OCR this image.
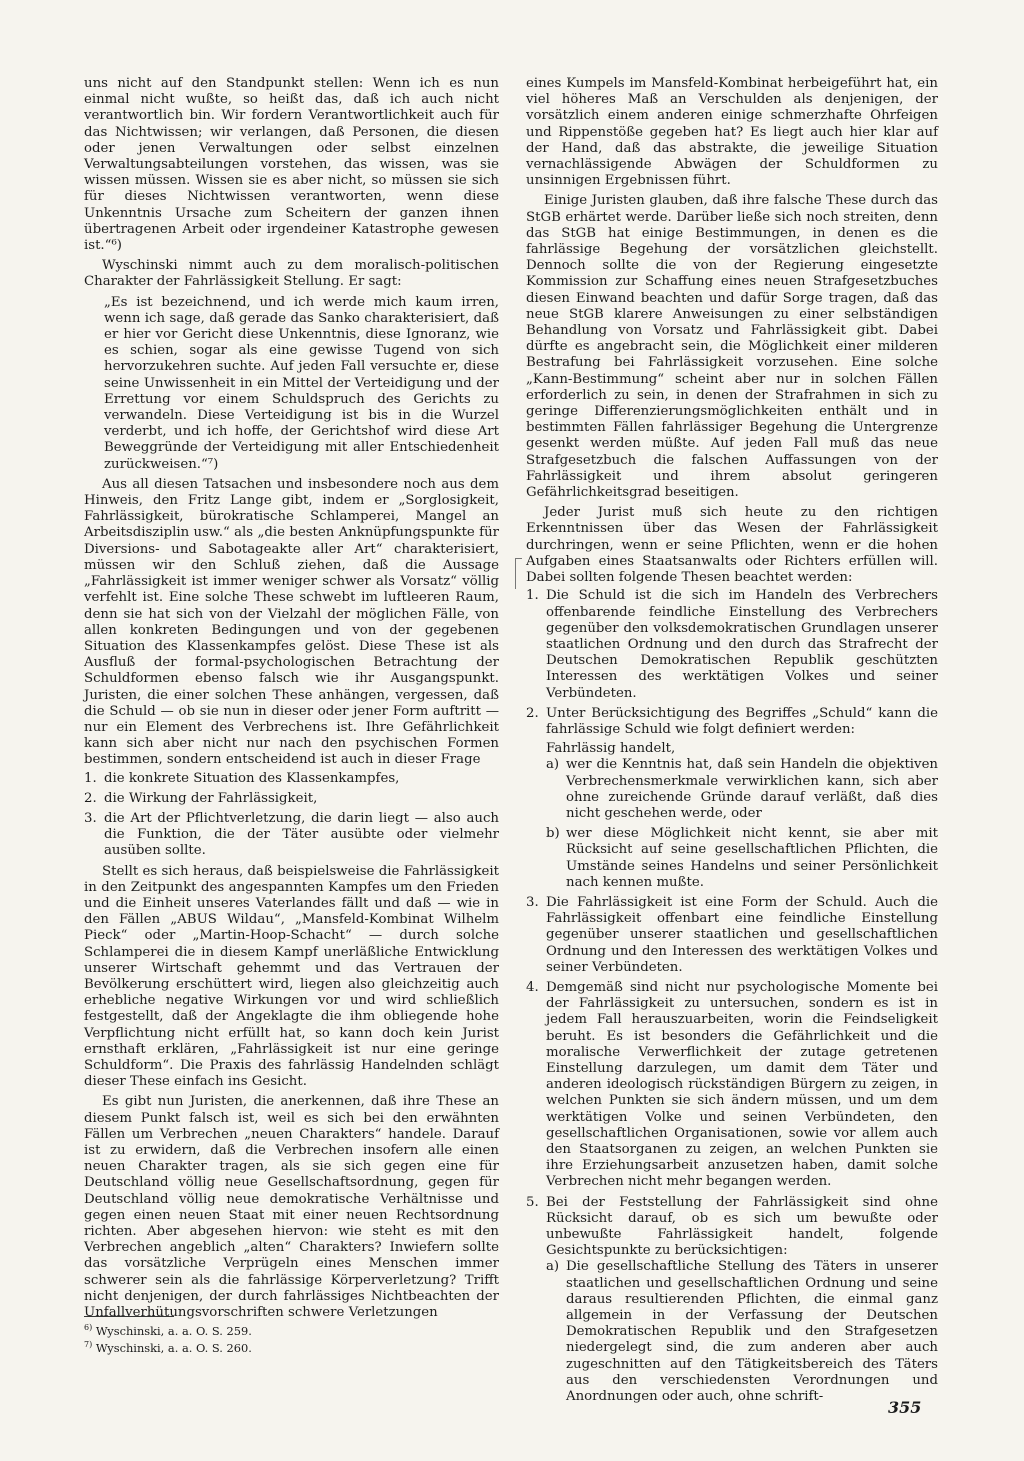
uns nicht auf den Standpunkt stellen: Wenn ich es nun einmal nicht wußte, so heißt das, daß ich auch nicht verantwortlich bin. Wir fordern Verantwortlichkeit auch für das Nichtwissen; wir verlangen, daß Personen, die diesen oder jenen Verwaltungen oder selbst einzelnen Verwaltungsabteilungen vorstehen, das wissen, was sie wissen müssen. Wissen sie es aber nicht, so müssen sie sich für dieses Nichtwissen verantworten, wenn diese Unkenntnis Ursache zum Scheitern der ganzen ihnen übertragenen Arbeit oder irgendeiner Katastrophe gewesen ist.“⁶)

Wyschinski nimmt auch zu dem moralisch-politischen Charakter der Fahrlässigkeit Stellung. Er sagt:

„Es ist bezeichnend, und ich werde mich kaum irren, wenn ich sage, daß gerade das Sanko charakterisiert, daß er hier vor Gericht diese Unkenntnis, diese Ignoranz, wie es schien, sogar als eine gewisse Tugend von sich hervorzukehren suchte. Auf jeden Fall versuchte er, diese seine Unwissenheit in ein Mittel der Verteidigung und der Errettung vor einem Schuldspruch des Gerichts zu verwandeln. Diese Verteidigung ist bis in die Wurzel verderbt, und ich hoffe, der Gerichtshof wird diese Art Beweggründe der Verteidigung mit aller Entschiedenheit zurückweisen.“⁷)

Aus all diesen Tatsachen und insbesondere noch aus dem Hinweis, den Fritz Lange gibt, indem er „Sorglosigkeit, Fahrlässigkeit, bürokratische Schlamperei, Mangel an Arbeitsdisziplin usw.“ als „die besten Anknüpfungspunkte für Diversions- und Sabotageakte aller Art“ charakterisiert, müssen wir den Schluß ziehen, daß die Aussage „Fahrlässigkeit ist immer weniger schwer als Vorsatz“ völlig verfehlt ist. Eine solche These schwebt im luftleeren Raum, denn sie hat sich von der Vielzahl der möglichen Fälle, von allen konkreten Bedingungen und von der gegebenen Situation des Klassenkampfes gelöst. Diese These ist als Ausfluß der formal-psychologischen Betrachtung der Schuldformen ebenso falsch wie ihr Ausgangspunkt. Juristen, die einer solchen These anhängen, vergessen, daß die Schuld — ob sie nun in dieser oder jener Form auftritt — nur ein Element des Verbrechens ist. Ihre Gefährlichkeit kann sich aber nicht nur nach den psychischen Formen bestimmen, sondern entscheidend ist auch in dieser Frage

1. die konkrete Situation des Klassenkampfes,
2. die Wirkung der Fahrlässigkeit,
3. die Art der Pflichtverletzung, die darin liegt — also auch die Funktion, die der Täter ausübte oder vielmehr ausüben sollte.

Stellt es sich heraus, daß beispielsweise die Fahrlässigkeit in den Zeitpunkt des angespannten Kampfes um den Frieden und die Einheit unseres Vaterlandes fällt und daß — wie in den Fällen „ABUS Wildau“, „Mansfeld-Kombinat Wilhelm Pieck“ oder „Martin-Hoop-Schacht“ — durch solche Schlamperei die in diesem Kampf unerläßliche Entwicklung unserer Wirtschaft gehemmt und das Vertrauen der Bevölkerung erschüttert wird, liegen also gleichzeitig auch erhebliche negative Wirkungen vor und wird schließlich festgestellt, daß der Angeklagte die ihm obliegende hohe Verpflichtung nicht erfüllt hat, so kann doch kein Jurist ernsthaft erklären, „Fahrlässigkeit ist nur eine geringe Schuldform“. Die Praxis des fahrlässig Handelnden schlägt dieser These einfach ins Gesicht.

Es gibt nun Juristen, die anerkennen, daß ihre These an diesem Punkt falsch ist, weil es sich bei den erwähnten Fällen um Verbrechen „neuen Charakters“ handele. Darauf ist zu erwidern, daß die Verbrechen insofern alle einen neuen Charakter tragen, als sie sich gegen eine für Deutschland völlig neue Gesellschaftsordnung, gegen für Deutschland völlig neue demokratische Verhältnisse und gegen einen neuen Staat mit einer neuen Rechtsordnung richten. Aber abgesehen hiervon: wie steht es mit den Verbrechen angeblich „alten“ Charakters? Inwiefern sollte das vorsätzliche Verprügeln eines Menschen immer schwerer sein als die fahrlässige Körperverletzung? Trifft nicht denjenigen, der durch fahrlässiges Nichtbeachten der Unfallverhütungsvorschriften schwere Verletzungen

eines Kumpels im Mansfeld-Kombinat herbeigeführt hat, ein viel höheres Maß an Verschulden als denjenigen, der vorsätzlich einem anderen einige schmerzhafte Ohrfeigen und Rippenstöße gegeben hat? Es liegt auch hier klar auf der Hand, daß das abstrakte, die jeweilige Situation vernachlässigende Abwägen der Schuldformen zu unsinnigen Ergebnissen führt.

Einige Juristen glauben, daß ihre falsche These durch das StGB erhärtet werde. Darüber ließe sich noch streiten, denn das StGB hat einige Bestimmungen, in denen es die fahrlässige Begehung der vorsätzlichen gleichstellt. Dennoch sollte die von der Regierung eingesetzte Kommission zur Schaffung eines neuen Strafgesetzbuches diesen Einwand beachten und dafür Sorge tragen, daß das neue StGB klarere Anweisungen zu einer selbständigen Behandlung von Vorsatz und Fahrlässigkeit gibt. Dabei dürfte es angebracht sein, die Möglichkeit einer milderen Bestrafung bei Fahrlässigkeit vorzusehen. Eine solche „Kann-Bestimmung“ scheint aber nur in solchen Fällen erforderlich zu sein, in denen der Strafrahmen in sich zu geringe Differenzierungsmöglichkeiten enthält und in bestimmten Fällen fahrlässiger Begehung die Untergrenze gesenkt werden müßte. Auf jeden Fall muß das neue Strafgesetzbuch die falschen Auffassungen von der Fahrlässigkeit und ihrem absolut geringeren Gefährlichkeitsgrad beseitigen.

Jeder Jurist muß sich heute zu den richtigen Erkenntnissen über das Wesen der Fahrlässigkeit durchringen, wenn er seine Pflichten, wenn er die hohen Aufgaben eines Staatsanwalts oder Richters erfüllen will. Dabei sollten folgende Thesen beachtet werden:

1. Die Schuld ist die sich im Handeln des Verbrechers offenbarende feindliche Einstellung des Verbrechers gegenüber den volksdemokratischen Grundlagen unserer staatlichen Ordnung und den durch das Strafrecht der Deutschen Demokratischen Republik geschützten Interessen des werktätigen Volkes und seiner Verbündeten.
2. Unter Berücksichtigung des Begriffes „Schuld“ kann die fahrlässige Schuld wie folgt definiert werden:
Fahrlässig handelt,
a) wer die Kenntnis hat, daß sein Handeln die objektiven Verbrechensmerkmale verwirklichen kann, sich aber ohne zureichende Gründe darauf verläßt, daß dies nicht geschehen werde, oder
b) wer diese Möglichkeit nicht kennt, sie aber mit Rücksicht auf seine gesellschaftlichen Pflichten, die Umstände seines Handelns und seiner Persönlichkeit nach kennen mußte.
3. Die Fahrlässigkeit ist eine Form der Schuld. Auch die Fahrlässigkeit offenbart eine feindliche Einstellung gegenüber unserer staatlichen und gesellschaftlichen Ordnung und den Interessen des werktätigen Volkes und seiner Verbündeten.
4. Demgemäß sind nicht nur psychologische Momente bei der Fahrlässigkeit zu untersuchen, sondern es ist in jedem Fall herauszuarbeiten, worin die Feindseligkeit beruht. Es ist besonders die Gefährlichkeit und die moralische Verwerflichkeit der zutage getretenen Einstellung darzulegen, um damit dem Täter und anderen ideologisch rückständigen Bürgern zu zeigen, in welchen Punkten sie sich ändern müssen, und um dem werktätigen Volke und seinen Verbündeten, den gesellschaftlichen Organisationen, sowie vor allem auch den Staatsorganen zu zeigen, an welchen Punkten sie ihre Erziehungsarbeit anzusetzen haben, damit solche Verbrechen nicht mehr begangen werden.
5. Bei der Feststellung der Fahrlässigkeit sind ohne Rücksicht darauf, ob es sich um bewußte oder unbewußte Fahrlässigkeit handelt, folgende Gesichtspunkte zu berücksichtigen:
a) Die gesellschaftliche Stellung des Täters in unserer staatlichen und gesellschaftlichen Ordnung und seine daraus resultierenden Pflichten, die einmal ganz allgemein in der Verfassung der Deutschen Demokratischen Republik und den Strafgesetzen niedergelegt sind, die zum anderen aber auch zugeschnitten auf den Tätigkeitsbereich des Täters aus den verschiedensten Verordnungen und Anordnungen oder auch, ohne schrift-
$^{6)}$ Wyschinski, a. a. O. S. 259.
$^{7)}$ Wyschinski, a. a. O. S. 260.
355
